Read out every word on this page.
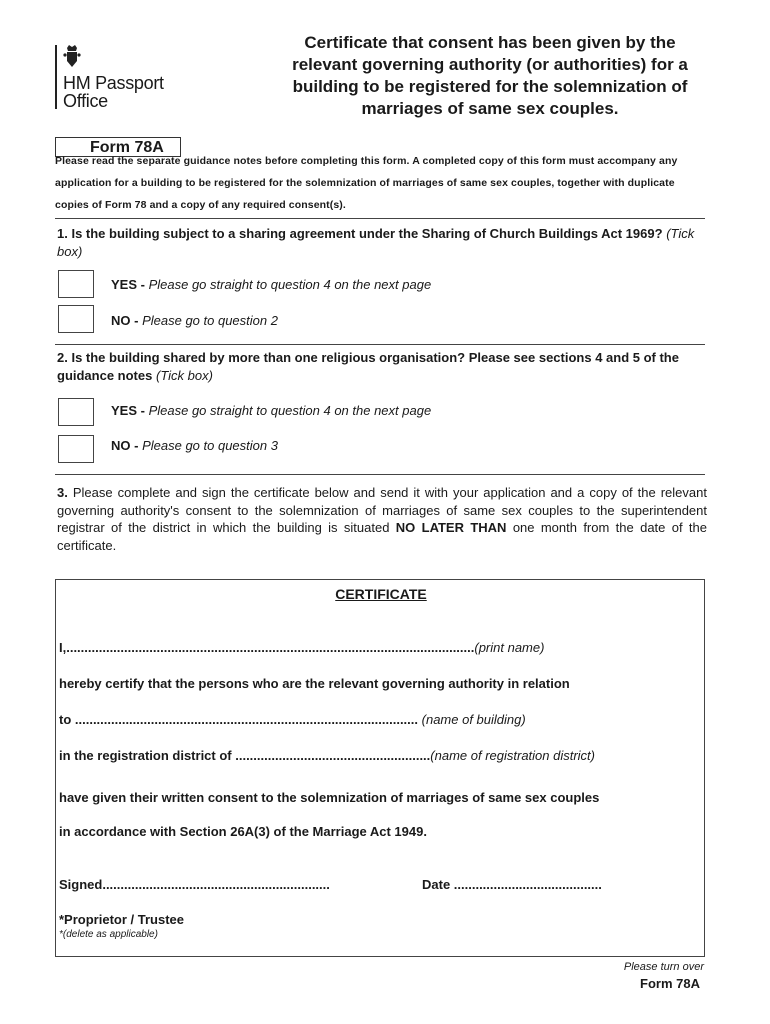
HM Passport
Office
Certificate that consent has been given by the relevant governing authority (or authorities) for a building to be registered for the solemnization of marriages of same sex couples.
Form 78A
Please read the separate guidance notes before completing this form. A completed copy of this form must accompany any application for a building to be registered for the solemnization of marriages of same sex couples, together with duplicate copies of Form 78 and a copy of any required consent(s).
1. Is the building subject to a sharing agreement under the Sharing of Church Buildings Act 1969? (Tick box)
YES - Please go straight to question 4 on the next page
NO - Please go to question 2
2. Is the building shared by more than one religious organisation? Please see sections 4 and 5 of the guidance notes (Tick box)
YES - Please go straight to question 4 on the next page
NO - Please go to question 3
3. Please complete and sign the certificate below and send it with your application and a copy of the relevant governing authority's consent to the solemnization of marriages of same sex couples to the superintendent registrar of the district in which the building is situated NO LATER THAN one month from the date of the certificate.
CERTIFICATE
I,.................................................................................................................(print name)
hereby certify that the persons who are the relevant governing authority in relation
to ............................................................................................... (name of building)
in the registration district of ......................................................(name of registration district)
have given their written consent to the solemnization of marriages of same sex couples
in accordance with Section 26A(3) of the Marriage Act 1949.
Signed...............................................................	Date .........................................
*Proprietor / Trustee
*(delete as applicable)
Please turn over
Form 78A
